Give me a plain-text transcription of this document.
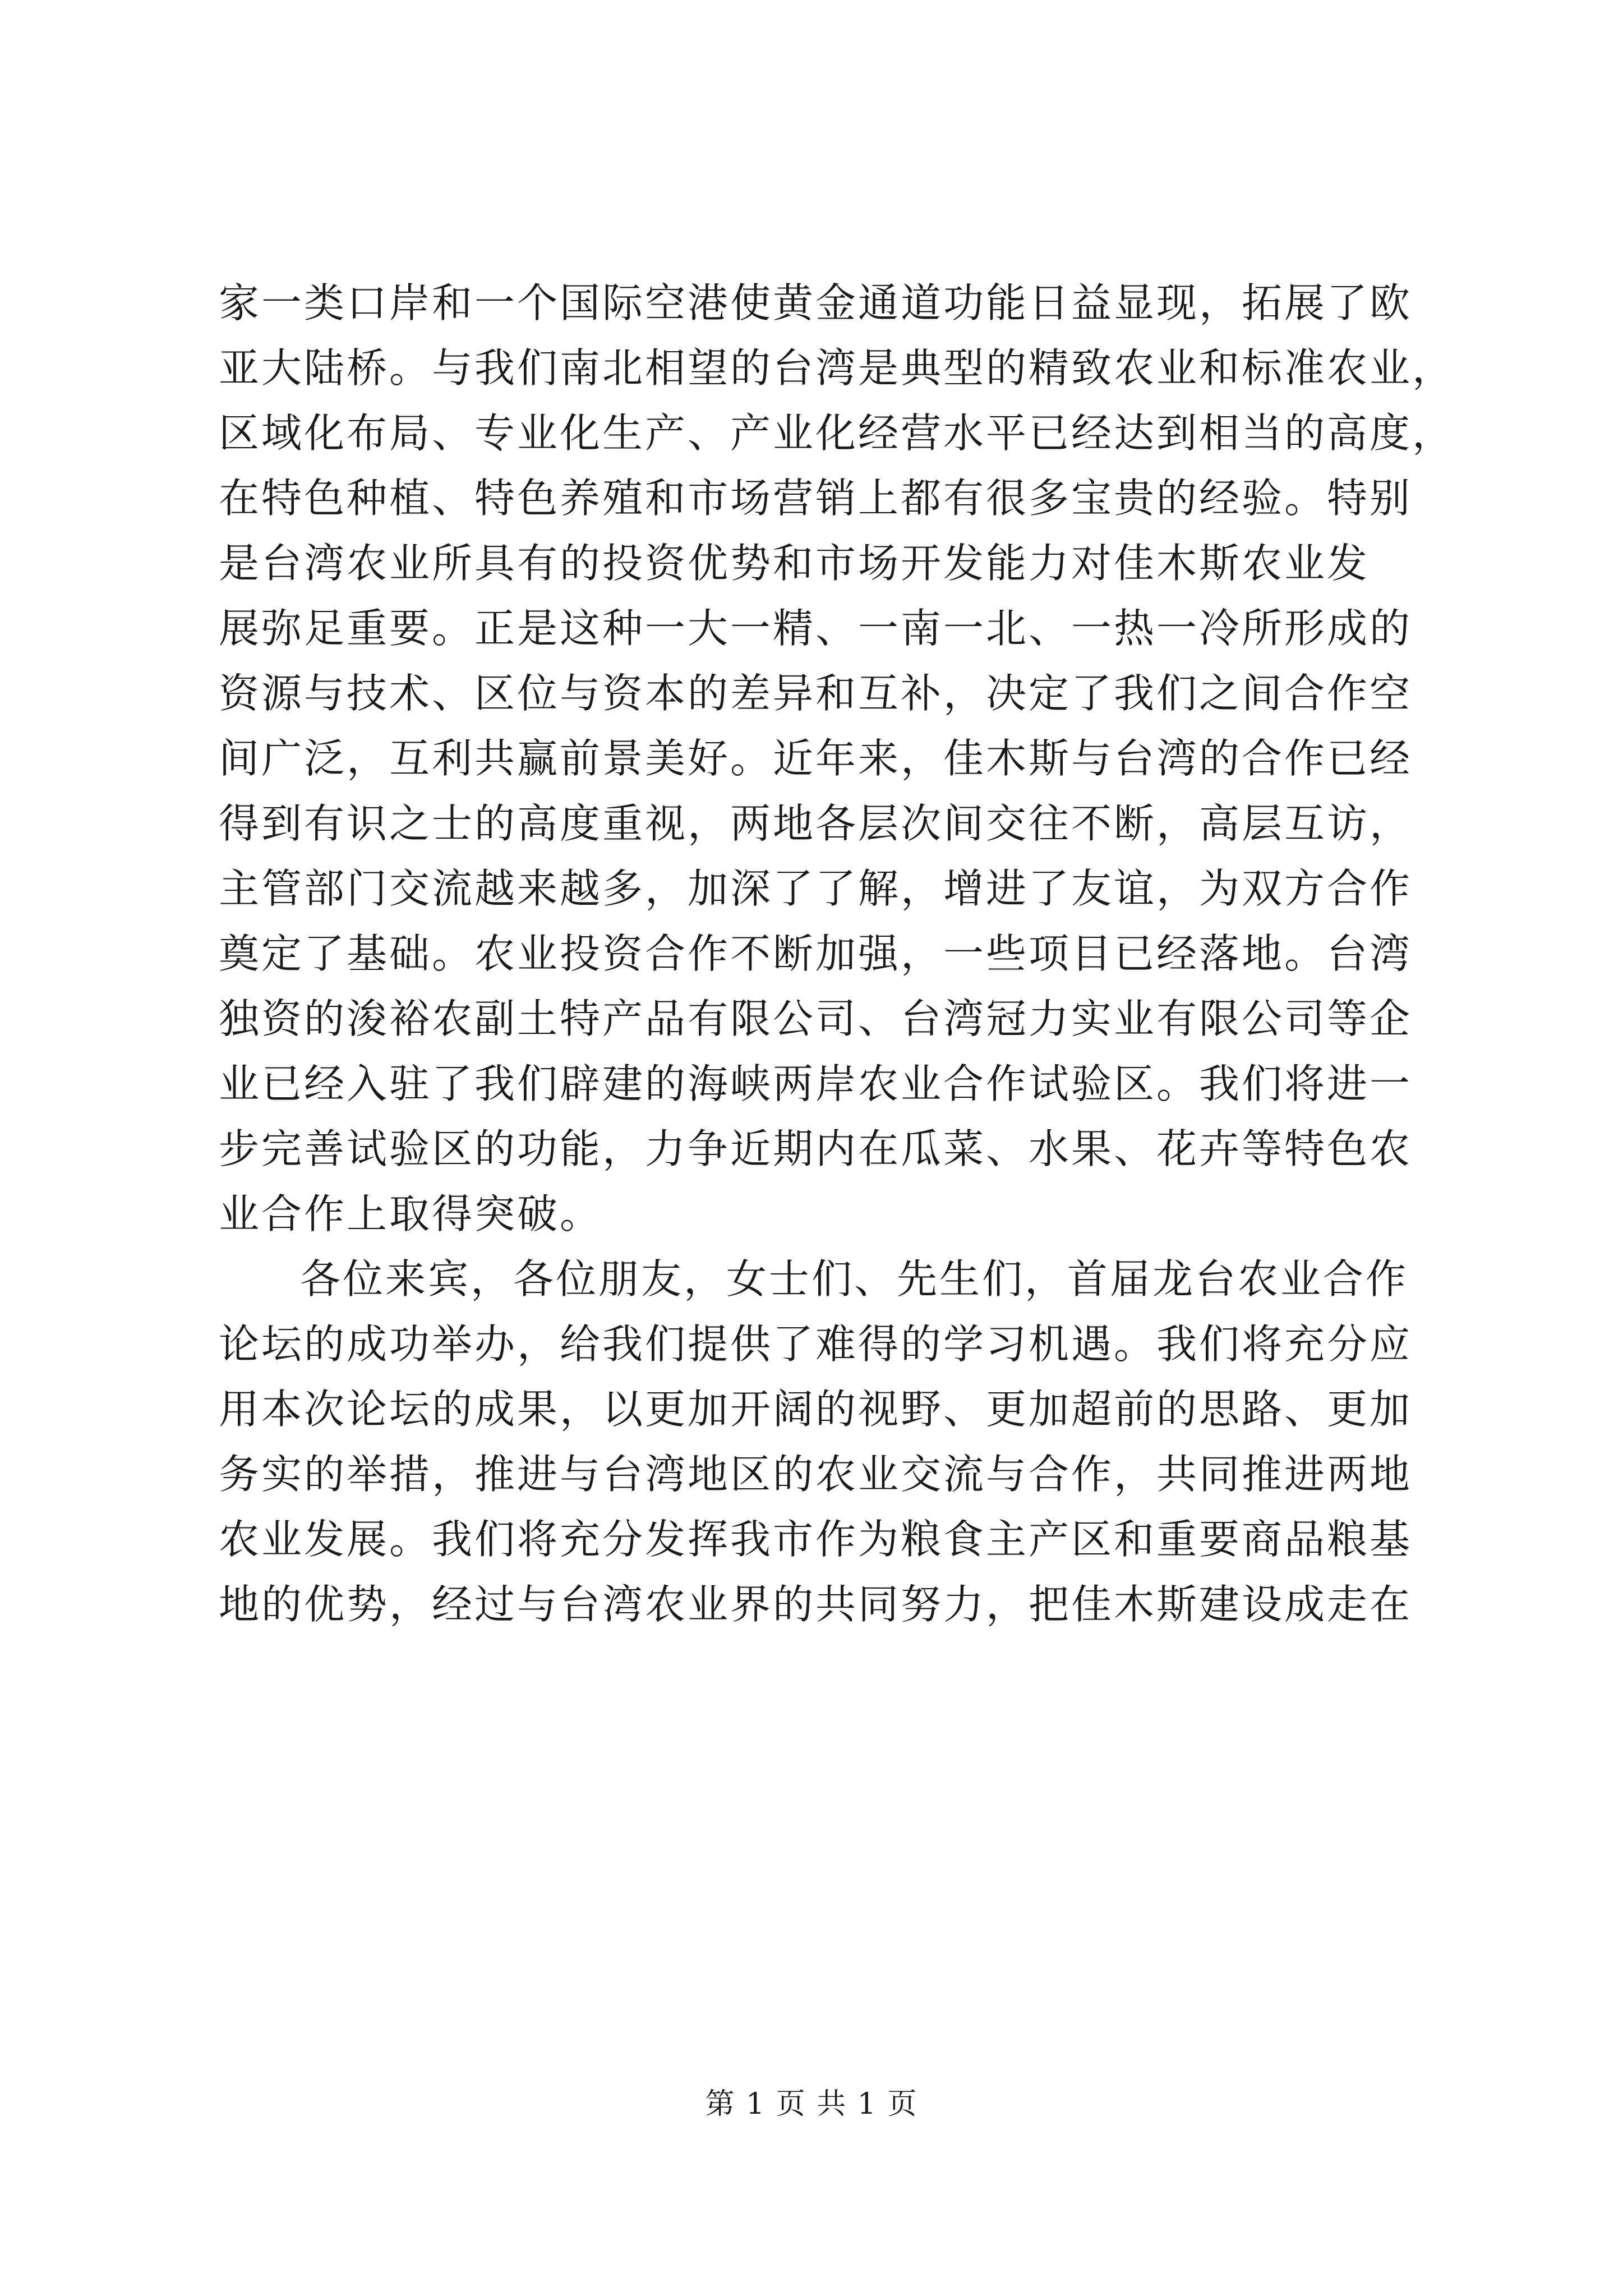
家一类口岸和一个国际空港使黄金通道功能日益显现，拓展了欧
亚大陆桥。与我们南北相望的台湾是典型的精致农业和标准农业，
区域化布局、专业化生产、产业化经营水平已经达到相当的高度，
在特色种植、特色养殖和市场营销上都有很多宝贵的经验。特别
是台湾农业所具有的投资优势和市场开发能力对佳木斯农业发
展弥足重要。正是这种一大一精、一南一北、一热一冷所形成的
资源与技术、区位与资本的差异和互补，决定了我们之间合作空
间广泛，互利共赢前景美好。近年来，佳木斯与台湾的合作已经
得到有识之士的高度重视，两地各层次间交往不断，高层互访，
主管部门交流越来越多，加深了了解，增进了友谊，为双方合作
奠定了基础。农业投资合作不断加强，一些项目已经落地。台湾
独资的浚裕农副土特产品有限公司、台湾冠力实业有限公司等企
业已经入驻了我们辟建的海峡两岸农业合作试验区。我们将进一
步完善试验区的功能，力争近期内在瓜菜、水果、花卉等特色农
业合作上取得突破。
各位来宾，各位朋友，女士们、先生们，首届龙台农业合作
论坛的成功举办，给我们提供了难得的学习机遇。我们将充分应
用本次论坛的成果，以更加开阔的视野、更加超前的思路、更加
务实的举措，推进与台湾地区的农业交流与合作，共同推进两地
农业发展。我们将充分发挥我市作为粮食主产区和重要商品粮基
地的优势，经过与台湾农业界的共同努力，把佳木斯建设成走在
第 1 页 共 1 页
